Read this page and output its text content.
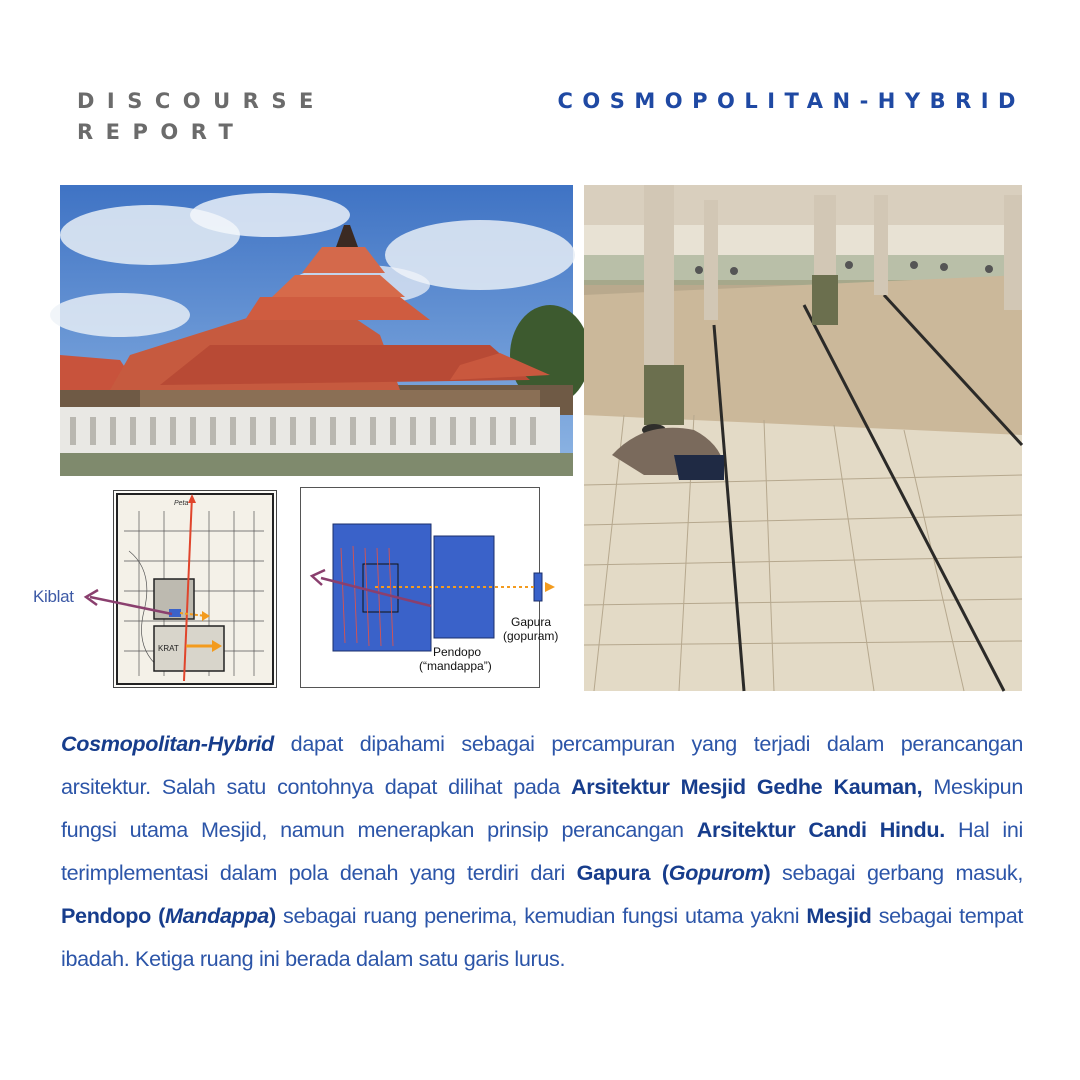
DISCOURSE
REPORT
COSMOPOLITAN-HYBRID
Peta
KRAT
Kiblat
Gapura
(gopuram)
Pendopo
(“mandappa”)
Cosmopolitan-Hybrid dapat dipahami sebagai percampuran yang terjadi dalam perancangan arsitektur. Salah satu contohnya dapat dilihat pada Arsitektur Mesjid Gedhe Kauman, Meskipun fungsi utama Mesjid, namun menerapkan prinsip perancangan Arsitektur Candi Hindu. Hal ini terimplementasi dalam pola denah yang terdiri dari Gapura (Gopurom) sebagai gerbang masuk, Pendopo (Mandappa) sebagai ruang penerima, kemudian fungsi utama yakni Mesjid sebagai tempat ibadah. Ketiga ruang ini berada dalam satu garis lurus.
